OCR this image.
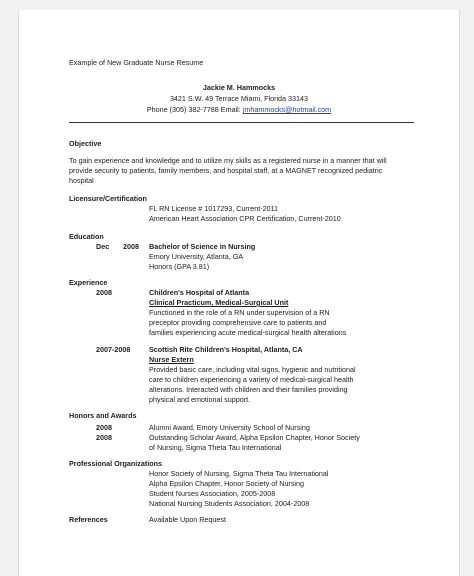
Example of New Graduate Nurse Resume
Jackie M. Hammocks
3421 S.W. 49 Terrace Miami, Florida 33143
Phone (305) 382-7788 Email: jmhammocks@hotmail.com
Objective
To gain experience and knowledge and to utilize my skills as a registered nurse in a manner that will
provide security to patients, family members, and hospital staff, at a MAGNET recognized pediatric
hospital
Licensure/Certification
FL RN License # 1017293, Current-2011
American Heart Association CPR Certification, Current-2010
Education
Dec 2008 Bachelor of Science in Nursing
Emory University, Atlanta, GA
Honors (GPA 3.81)
Experience
2008	Children's Hospital of Atlanta
Clinical Practicum, Medical-Surgical Unit
Functioned in the role of a RN under supervision of a RN
preceptor providing comprehensive care to patients and
families experiencing acute medical-surgical health alterations
2007-2008	Scottish Rite Children's Hospital, Atlanta, CA
Nurse Extern
Provided basic care, including vital signs, hygienic and nutritional
care to children experiencing a variety of medical-surgical health
alterations. Interacted with children and their families providing
physical and emotional support.
Honors and Awards
2008	Alumni Award, Emory University School of Nursing
2008	Outstanding Scholar Award, Alpha Epsilon Chapter, Honor Society
of Nursing, Sigma Theta Tau International
Professional Organizations
Honor Society of Nursing, Sigma Theta Tau International
Alpha Epsilon Chapter, Honor Society of Nursing
Student Nurses Association, 2005-2008
National Nursing Students Association, 2004-2008
References	Available Upon Request
